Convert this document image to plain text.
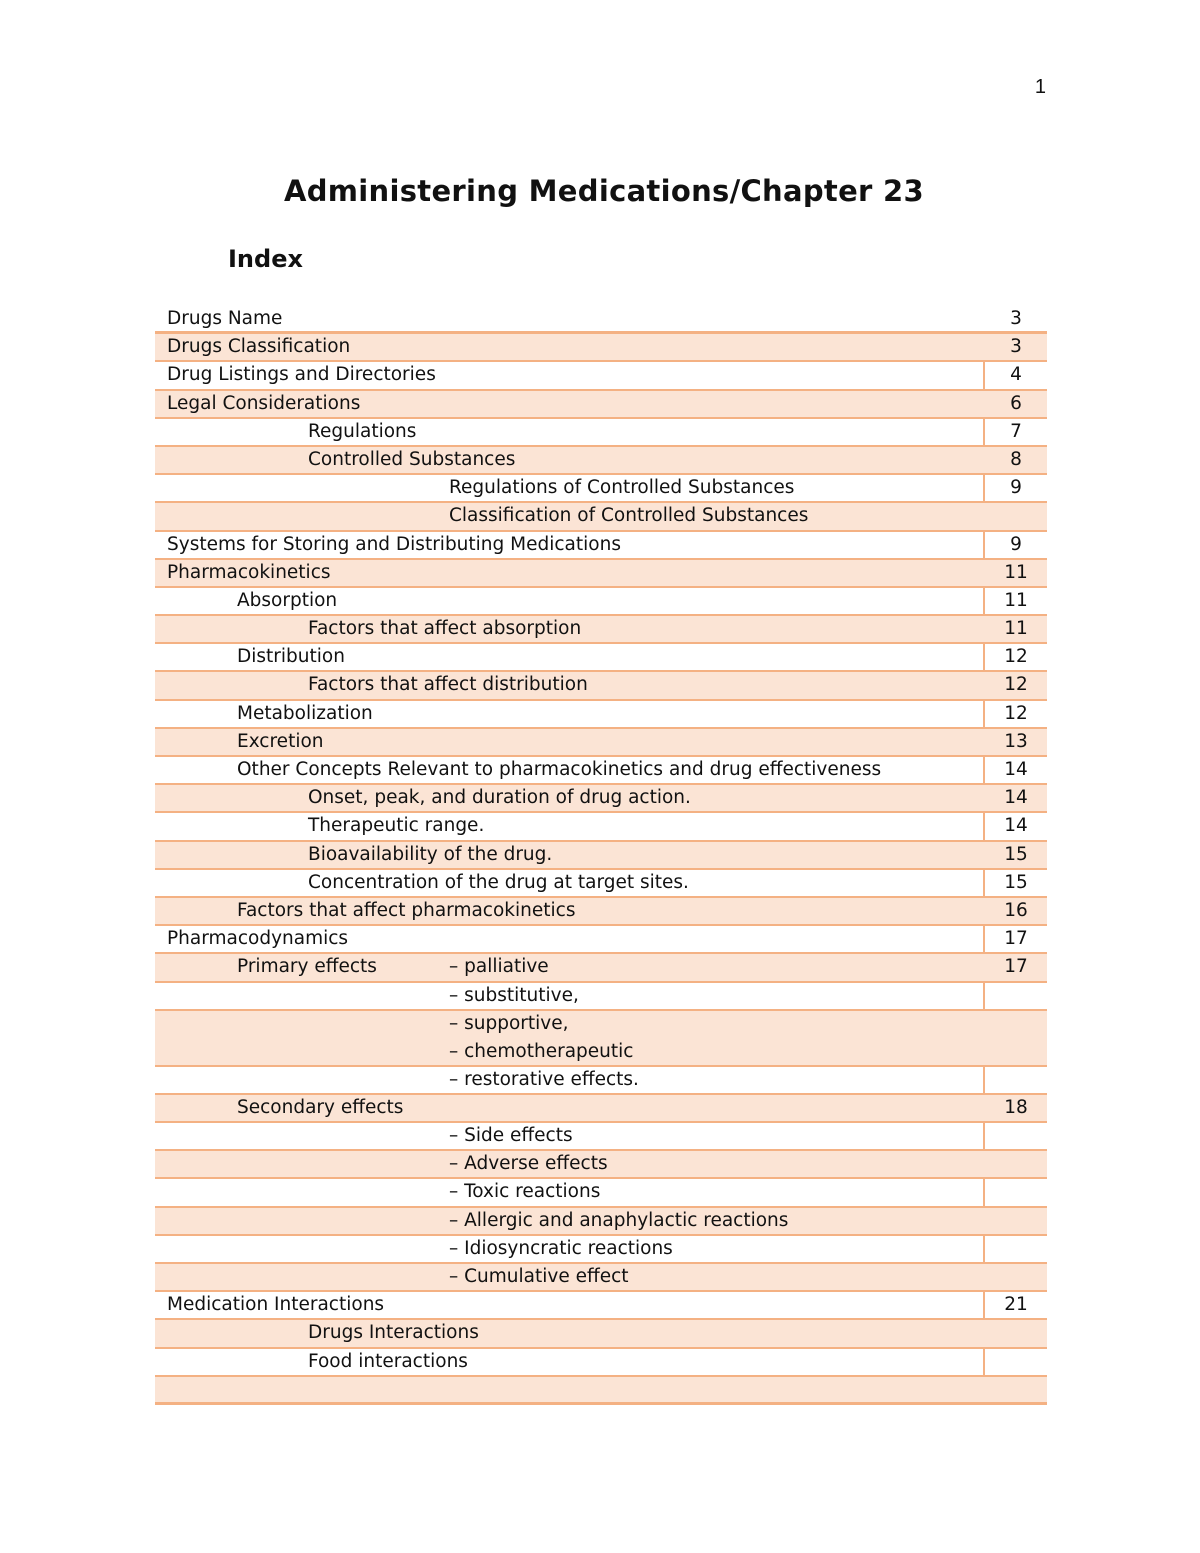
1
Administering Medications/Chapter 23
Index
Drugs Name	3
Drugs Classification	3
Drug Listings and Directories	4
Legal Considerations	6
Regulations	7
Controlled Substances	8
Regulations of Controlled Substances	9
Classification of Controlled Substances
Systems for Storing and Distributing Medications	9
Pharmacokinetics	11
Absorption	11
Factors that affect absorption	11
Distribution	12
Factors that affect distribution	12
Metabolization	12
Excretion	13
Other Concepts Relevant to pharmacokinetics and drug effectiveness	14
Onset, peak, and duration of drug action.	14
Therapeutic range.	14
Bioavailability of the drug.	15
Concentration of the drug at target sites.	15
Factors that affect pharmacokinetics	16
Pharmacodynamics	17
Primary effects	– palliative	17
– substitutive,
– supportive,
– chemotherapeutic
– restorative effects.
Secondary effects	18
– Side effects
– Adverse effects
– Toxic reactions
– Allergic and anaphylactic reactions
– Idiosyncratic reactions
– Cumulative effect
Medication Interactions	21
Drugs Interactions
Food interactions
